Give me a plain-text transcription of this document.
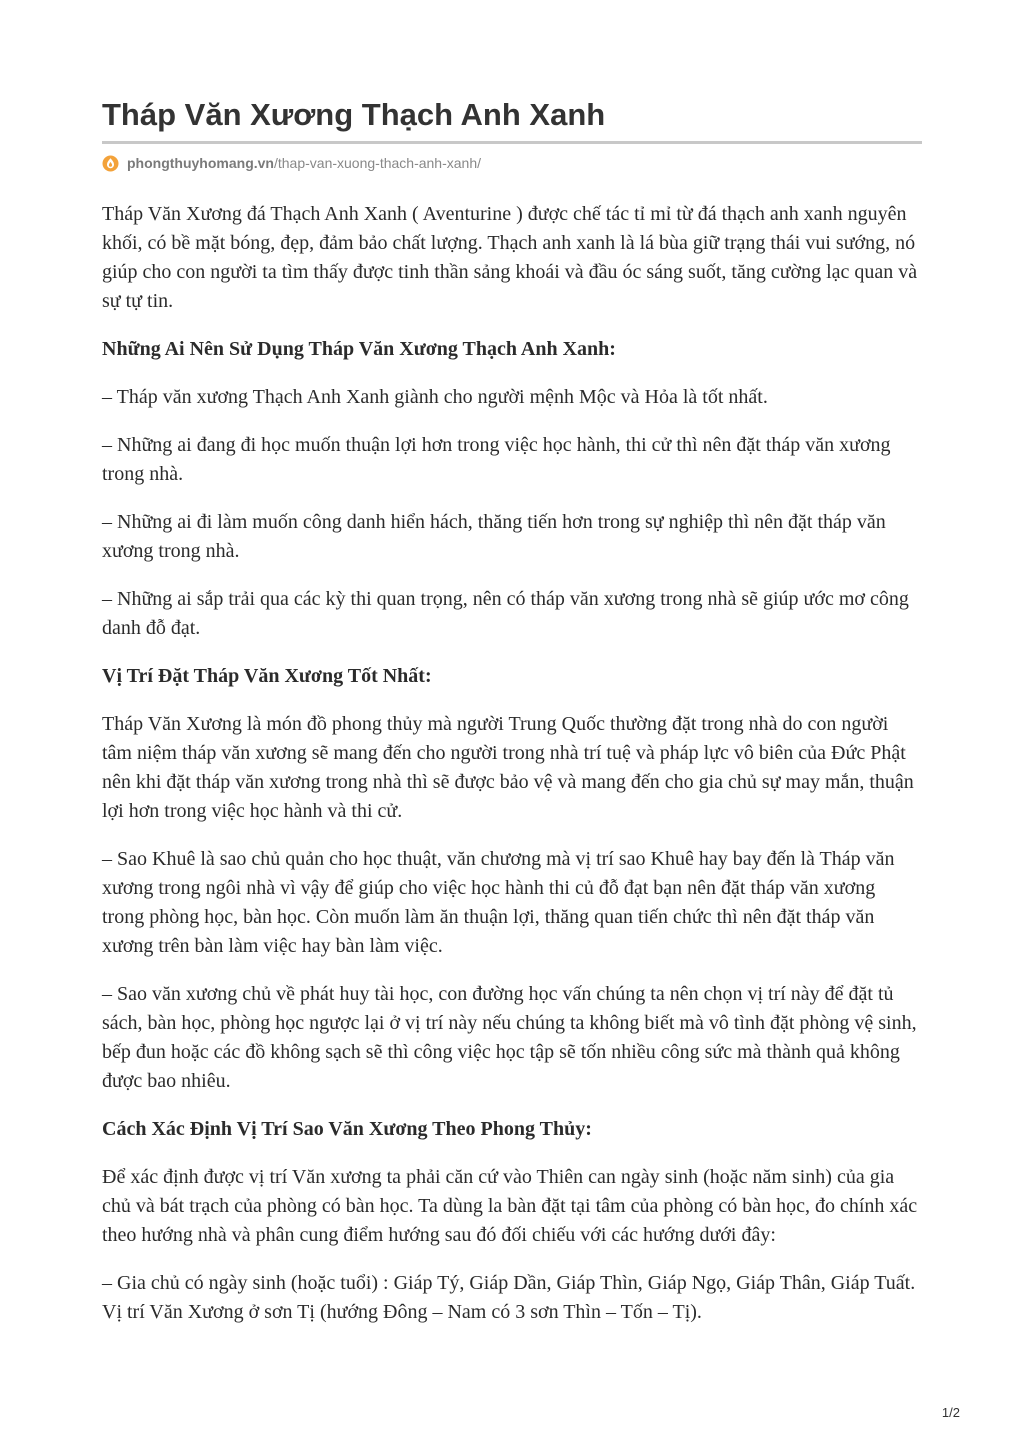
Tháp Văn Xương Thạch Anh Xanh
phongthuyhomang.vn /thap-van-xuong-thach-anh-xanh/

Tháp Văn Xương đá Thạch Anh Xanh ( Aventurine ) được chế tác tỉ mỉ từ đá thạch anh xanh nguyên khối, có bề mặt bóng, đẹp, đảm bảo chất lượng. Thạch anh xanh là lá bùa giữ trạng thái vui sướng, nó giúp cho con người ta tìm thấy được tinh thần sảng khoái và đầu óc sáng suốt, tăng cường lạc quan và sự tự tin.

Những Ai Nên Sử Dụng Tháp Văn Xương Thạch Anh Xanh:

– Tháp văn xương Thạch Anh Xanh giành cho người mệnh Mộc và Hỏa là tốt nhất.

– Những ai đang đi học muốn thuận lợi hơn trong việc học hành, thi cử thì nên đặt tháp văn xương trong nhà.

– Những ai đi làm muốn công danh hiển hách, thăng tiến hơn trong sự nghiệp thì nên đặt tháp văn xương trong nhà.

– Những ai sắp trải qua các kỳ thi quan trọng, nên có tháp văn xương trong nhà sẽ giúp ước mơ công danh đỗ đạt.

Vị Trí Đặt Tháp Văn Xương Tốt Nhất:

Tháp Văn Xương là món đồ phong thủy mà người Trung Quốc thường đặt trong nhà do con người tâm niệm tháp văn xương sẽ mang đến cho người trong nhà trí tuệ và pháp lực vô biên của Đức Phật nên khi đặt tháp văn xương trong nhà thì sẽ được bảo vệ và mang đến cho gia chủ sự may mắn, thuận lợi hơn trong việc học hành và thi cử.

– Sao Khuê là sao chủ quản cho học thuật, văn chương mà vị trí sao Khuê hay bay đến là Tháp văn xương trong ngôi nhà vì vậy để giúp cho việc học hành thi củ đỗ đạt bạn nên đặt tháp văn xương trong phòng học, bàn học. Còn muốn làm ăn thuận lợi, thăng quan tiến chức thì nên đặt tháp văn xương trên bàn làm việc hay bàn làm việc.

– Sao văn xương chủ về phát huy tài học, con đường học vấn chúng ta nên chọn vị trí này để đặt tủ sách, bàn học, phòng học ngược lại ở vị trí này nếu chúng ta không biết mà vô tình đặt phòng vệ sinh, bếp đun hoặc các đồ không sạch sẽ thì công việc học tập sẽ tốn nhiều công sức mà thành quả không được bao nhiêu.

Cách Xác Định Vị Trí Sao Văn Xương Theo Phong Thủy:

Để xác định được vị trí Văn xương ta phải căn cứ vào Thiên can ngày sinh (hoặc năm sinh) của gia chủ và bát trạch của phòng có bàn học. Ta dùng la bàn đặt tại tâm của phòng có bàn học, đo chính xác theo hướng nhà và phân cung điểm hướng sau đó đối chiếu với các hướng dưới đây:

– Gia chủ có ngày sinh (hoặc tuổi) : Giáp Tý, Giáp Dần, Giáp Thìn, Giáp Ngọ, Giáp Thân, Giáp Tuất. Vị trí Văn Xương ở sơn Tị (hướng Đông – Nam có 3 sơn Thìn – Tốn – Tị).

1/2
